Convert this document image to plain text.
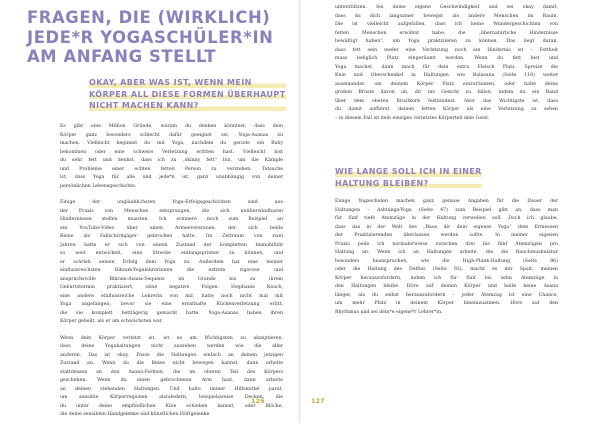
FRAGEN, DIE (WIRKLICH)
JEDE*R YOGASCHÜLER*IN
AM ANFANG STELLT
OKAY, ABER WAS IST, WENN MEIN
KÖRPER ALL DIESE FORMEN ÜBERHAUPT
NICHT MACHEN KANN?

Es gibt eine Million Gründe, warum du denken könntest, dass dein
Körper ganz besonders schlecht dafür geeignet sei, Yoga-Asanas zu
machen. Vielleicht beginnst du mit Yoga, nachdem du gerade ein Baby
bekommen oder eine schwere Verletzung erlitten hast. Vielleicht bist
du sehr fett und denkst, dass ich zu „skinny fett“ bin, um die Kämpfe
und Probleme einer echten fetten Person zu verstehen. Tatsache
ist, dass Yoga für alle und jede*n ist, ganz unabhängig von deiner
persönlichen Lebensgeschichte.

Einige der ungläublichsten Yoga-Erfolgsgeschichten sind aus
der Praxis von Menschen entsprungen, die sich unüberwindbaren
Hindernissen stellen mussten. Ich erinnere mich zum Beispiel an
ein YouTube-Video über einen Armeeveteranen, der sich beide
Beine als Fallschirmjäger gebrochen hatte. Im Zeitraum von zwei
Jahren hatte er sich von einem Zustand der kompletten Immobilität
so weit entwickelt, eine Strecke entlangsprinten zu können, und
er schrieb seinen Erfolg dem Yoga zu. Außerdem hat eine meiner
einflussreichsten Bikram-Yogalehrerinnen die extrem rigorose und
anspruchsvolle Bikram-Asana-Sequenz im Grunde bis zu ihrem
Geburtstermin praktiziert, ohne negative Folgen. Stephanie Keach,
eine andere einflussreiche Lehrerin von mir, hatte noch nicht mal mit
Yoga angefangen, bevor sie eine ernsthafte Rückenverletzung erlitt,
die sie komplett bettlägerig gemacht hatte. Yoga-Asanas haben ihren
Körper geheilt, als er am schwächsten war.

Wenn dein Körper verletzt ist, ist es am Wichtigsten zu akzeptieren,
dass deine Yogahaltungen nicht aussehen werden wie die aller
anderen. Das ist okay. Passe die Haltungen einfach an deinen jetzigen
Zustand an. Wenn du die Beine nicht bewegen kannst, dann arbeite
stattdessen an den Asana-Formen, die im oberen Teil des Körpers
geschehen. Wenn du einen gebrochenen Arm hast, dann arbeite
an deinen stehenden Haltungen. Und halte immer Hilfsmittel parat,
um sensible Körperregionen abzufedern, beispielsweise Decken, die
du unter deine empfindlichen Knie schieben kannst, oder Blöcke,
die deine sensiblen Handgelenke und künstlichen Hüftgelenke

126

unterstützen. Sei deine eigene Geschwindigkeit und sei okay damit,
dass du dich langsamer bewegst als andere Menschen im Raum.
Die ist vielleicht aufgefallen, dass ich keine Wundergeschichten von
fetten Menschen erwähnt habe, die „übernatürliche Hindernisse
bewältigt haben“, um Yoga praktizieren zu können. Das liegt daran,
dass fett sein weder eine Verletzung noch ein Hindernis ist – Fettheit
muss lediglich Platz eingeräumt werden. Wenn du fett bist und
Yoga machst, dann mach für dein extra Fleisch Platz. Spreize die
Knie und Oberschenkel in Haltungen wie Balasana (Seite 118) weiter
auseinander, um deinem Körper Platz einzuräumen, oder halte deine
großen Brüste davon ab, dir ins Gesicht zu fallen, indem du ein Band
über dem oberen Brustkorb festbindest. Aber das Wichtigste ist, dass
du damit aufhörst, deinen fetten Körper als eine Verletzung zu sehen
– in diesem Fall ist dein einziges verletztes Körperteil dein Geist.

WIE LANGE SOLL ICH IN EINER
HALTUNG BLEIBEN?

Einige Yogaschulen machen ganz genaue Angaben für die Dauer der
Haltungen – Ashtanga-Yoga (Seite 47) zum Beispiel gibt an, dass man
für fünf tiefe Atemzüge in der Haltung verweilen soll. Doch ich glaube,
dass das in der Welt des „Baus dir dein eigenes Yoga“ dem Ermessen
der Praktizierenden überlassen werden sollte. In meiner eigenen
Praxis peile ich normalerweise zwischen drei bis fünf Atemzügen pro
Haltung an. Wenn ich an Haltungen arbeite, die die Bauchmuskulatur
besonders beanspruchen, wie die High-Plank-Haltung (Seite 86)
oder die Haltung des Delfins (Seite 92), macht es mir Spaß, meinen
Körper herauszufordern, indem ich für fünf bis zehn Atemzüge in
den Haltungen bleibe. Höre auf deinen Körper und halte keine Asana
länger, als du selbst herauszufordern – jeder Atemzug ist eine Chance,
um mehr Platz in deinem Körper hineinzuatmen. Höre auf den
Rhythmus und sei dein*e eigene*r Lehrer*in.

127
